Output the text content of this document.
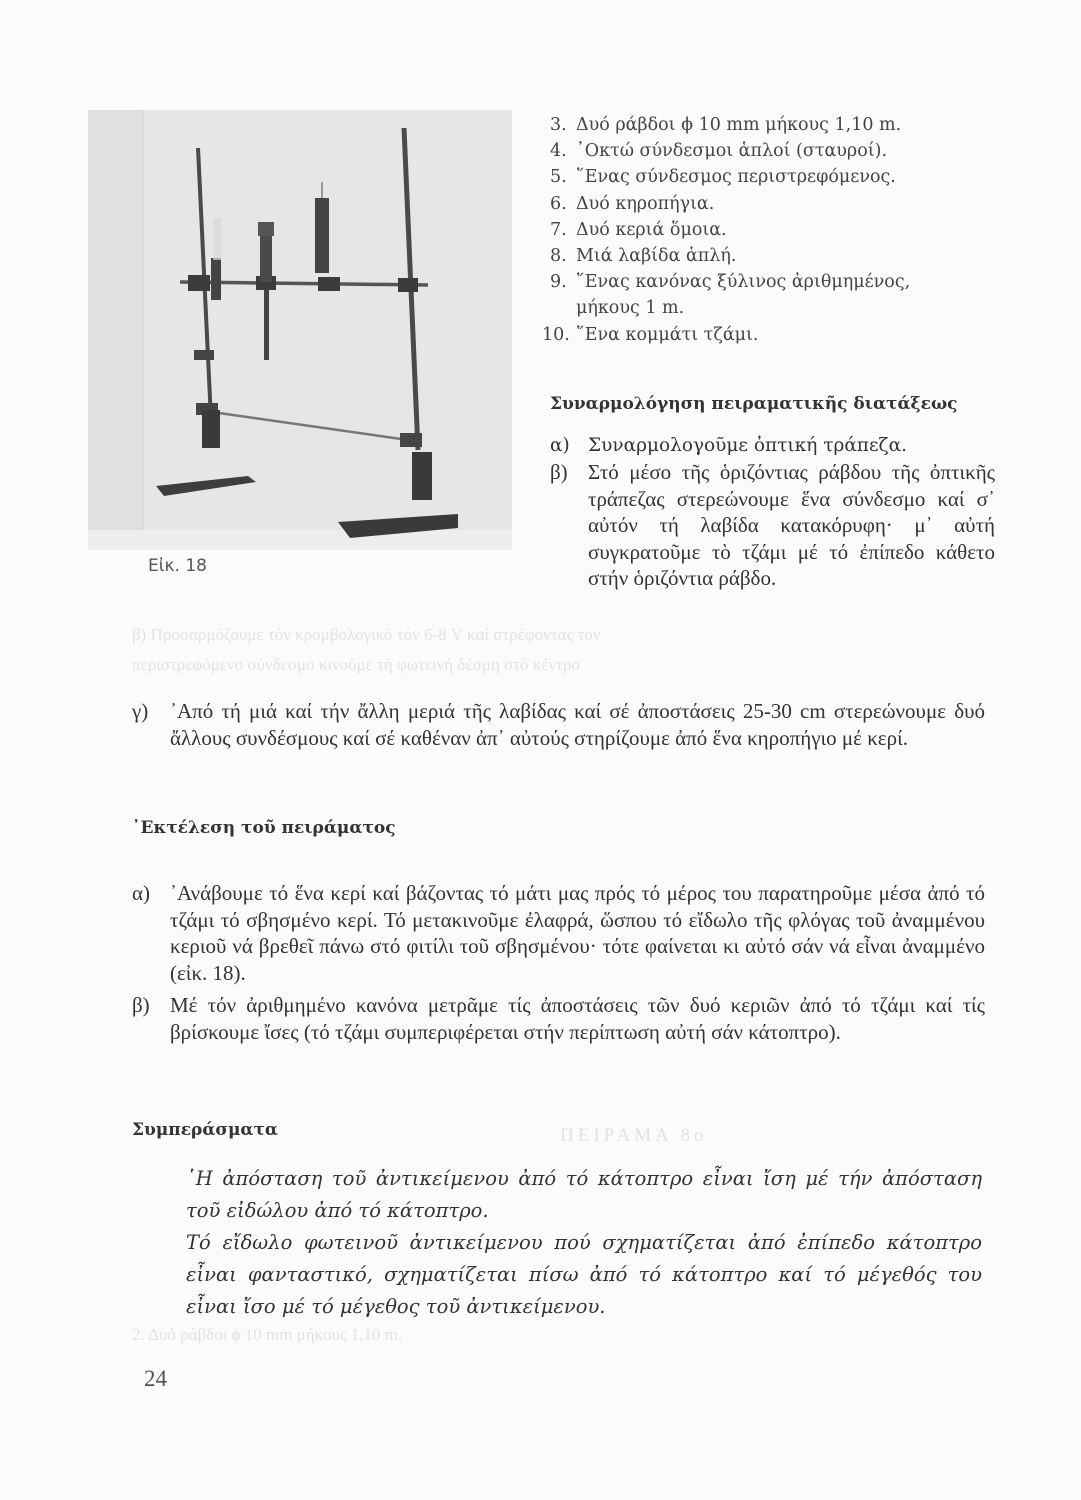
β) Προσαρμόζουμε τόν κρομβολογικό τόν 6-8 V καί στρέφοντας τον
περιστρεφόμενο σύνδεσμο κινοῦμε τή φωτεινή δέσμη στό κέντρο
ΠΕΙΡΑΜΑ 8ο
2. Δυό ράβδοι ϕ 10 mm μήκους 1,10 m.
Εἰκ. 18
3. Δυό ράβδοι ϕ 10 mm μήκους 1,10 m.
4. ᾿Οκτώ σύνδεσμοι ἁπλοί (σταυροί).
5. ῞Ενας σύνδεσμος περιστρεφόμενος.
6. Δυό κηροπήγια.
7. Δυό κεριά ὅμοια.
8. Μιά λαβίδα ἁπλή.
9. ῞Ενας κανόνας ξύλινος ἀριθμημένος,
μήκους 1 m.
10. ῞Ενα κομμάτι τζάμι.
Συναρμολόγηση πειραματικῆς διατάξεως
α) Συναρμολογοῦμε ὀπτική τράπεζα.
β) Στό μέσο τῆς ὁριζόντιας ράβδου τῆς ὀπτικῆς τράπεζας στερεώνουμε ἕνα σύνδεσμο καί σ᾿ αὐτόν τή λαβίδα κατακόρυφη· μ᾿ αὐτή συγκρατοῦμε τὸ τζάμι μέ τό ἐπίπεδο κάθετο στήν ὁριζόντια ράβδο.
γ)	᾿Από τή μιά καί τήν ἄλλη μεριά τῆς λαβίδας καί σέ ἀποστάσεις 25-30 cm στερεώνουμε δυό ἄλλους συνδέσμους καί σέ καθέναν ἀπ᾿ αὐτούς στηρίζουμε ἀπό ἕνα κηροπήγιο μέ κερί.
᾿Εκτέλεση τοῦ πειράματος
α) ᾿Ανάβουμε τό ἕνα κερί καί βάζοντας τό μάτι μας πρός τό μέρος του παρατηροῦμε μέσα ἀπό τό τζάμι τό σβησμένο κερί. Τό μετακινοῦμε ἐλαφρά, ὥσπου τό εἴδωλο τῆς φλόγας τοῦ ἀναμμένου κεριοῦ νά βρεθεῖ πάνω στό φιτίλι τοῦ σβησμένου· τότε φαίνεται κι αὐτό σάν νά εἶναι ἀναμμένο (εἰκ. 18).
β) Μέ τόν ἀριθμημένο κανόνα μετρᾶμε τίς ἀποστάσεις τῶν δυό κεριῶν ἀπό τό τζάμι καί τίς βρίσκουμε ἴσες (τό τζάμι συμπεριφέρεται στήν περίπτωση αὐτή σάν κάτοπτρο).
Συμπεράσματα

῾Η ἀπόσταση τοῦ ἀντικείμενου ἀπό τό κάτοπτρο εἶναι ἴση μέ τήν ἀπόσταση τοῦ εἰδώλου ἀπό τό κάτοπτρο.

Τό εἴδωλο φωτεινοῦ ἀντικείμενου πού σχηματίζεται ἀπό ἐπίπεδο κάτοπτρο εἶναι φανταστικό, σχηματίζεται πίσω ἀπό τό κάτοπτρο καί τό μέγεθός του εἶναι ἴσο μέ τό μέγεθος τοῦ ἀντικείμενου.

24
